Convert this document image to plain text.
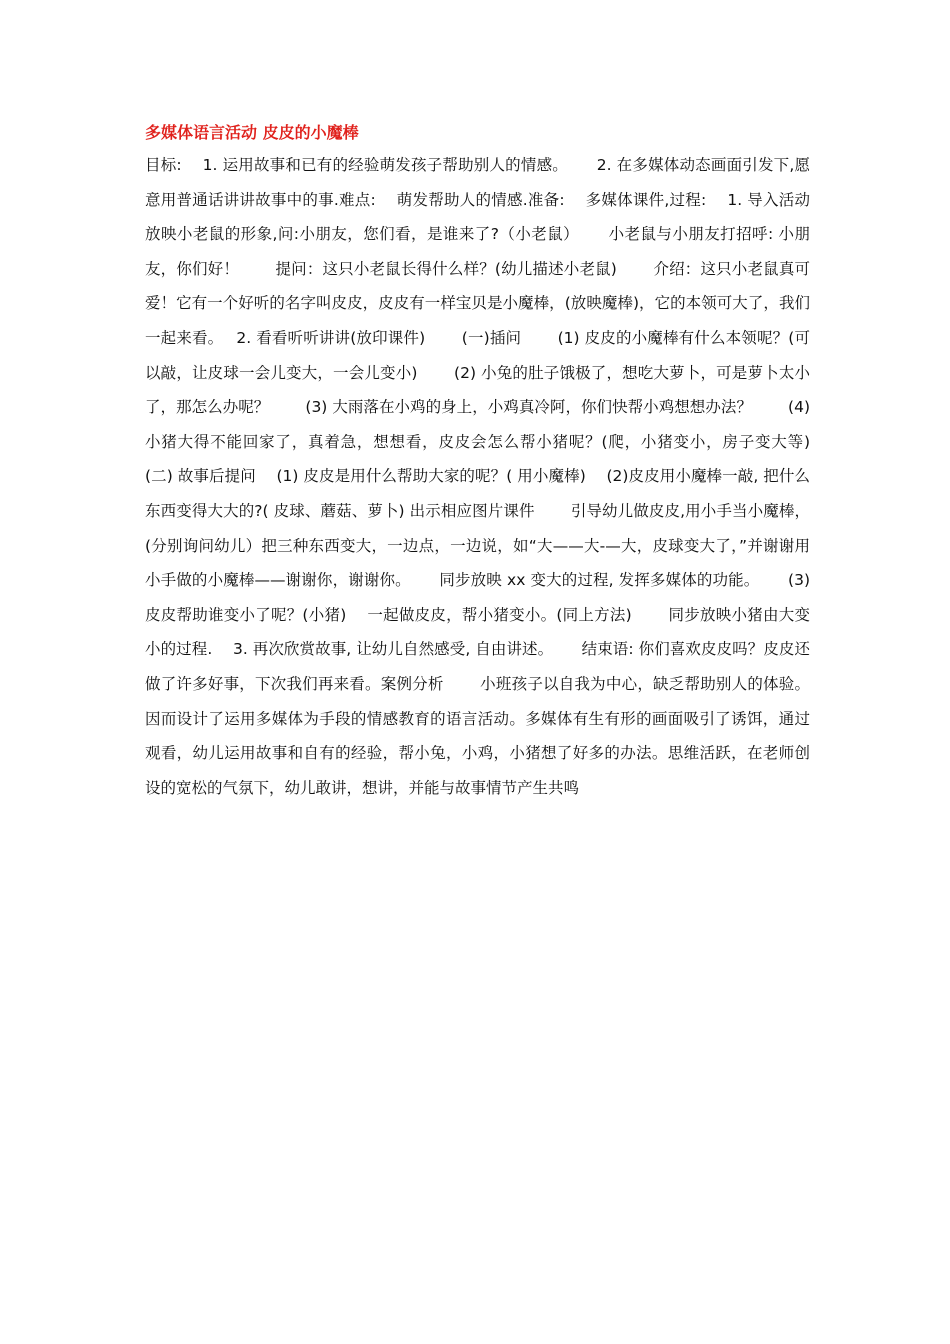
多媒体语言活动 皮皮的小魔棒

目标:　 1. 运用故事和已有的经验萌发孩子帮助别人的情感。　　 2. 在多媒体动态画面引发下,愿意用普通话讲讲故事中的事.难点:　 萌发帮助人的情感.准备:　 多媒体课件,过程:　 1. 导入活动　　 放映小老鼠的形象,问:小朋友，您们看，是谁来了?（小老鼠）　　 小老鼠与小朋友打招呼: 小朋友，你们好！　　 提问：这只小老鼠长得什么样？(幼儿描述小老鼠)　　 介绍：这只小老鼠真可爱！它有一个好听的名字叫皮皮，皮皮有一样宝贝是小魔棒，(放映魔棒)，它的本领可大了，我们一起来看。　 2. 看看听听讲讲(放印课件)　　 (一)插问　　 (1) 皮皮的小魔棒有什么本领呢？(可以敲，让皮球一会儿变大，一会儿变小)　　 (2) 小兔的肚子饿极了，想吃大萝卜，可是萝卜太小了，那怎么办呢？　　 (3) 大雨落在小鸡的身上，小鸡真冷阿，你们快帮小鸡想想办法？　　 (4) 小猪大得不能回家了，真着急，想想看，皮皮会怎么帮小猪呢？(爬，小猪变小，房子变大等)　　 (二) 故事后提问　 (1) 皮皮是用什么帮助大家的呢？( 用小魔棒)　 (2)皮皮用小魔棒一敲, 把什么东西变得大大的?( 皮球、蘑菇、萝卜) 出示相应图片课件　　 引导幼儿做皮皮,用小手当小魔棒，(分别询问幼儿）把三种东西变大，一边点，一边说，如“大——大-—大，皮球变大了，”并谢谢用小手做的小魔棒——谢谢你，谢谢你。　　 同步放映 xx 变大的过程, 发挥多媒体的功能。　　 (3) 皮皮帮助谁变小了呢？(小猪)　 一起做皮皮，帮小猪变小。(同上方法)　　 同步放映小猪由大变小的过程.　 3. 再次欣赏故事, 让幼儿自然感受, 自由讲述。　　 结束语: 你们喜欢皮皮吗？皮皮还做了许多好事，下次我们再来看。案例分析　　 小班孩子以自我为中心，缺乏帮助别人的体验。因而设计了运用多媒体为手段的情感教育的语言活动。多媒体有生有形的画面吸引了诱饵，通过观看，幼儿运用故事和自有的经验，帮小兔，小鸡，小猪想了好多的办法。思维活跃，在老师创设的宽松的气氛下，幼儿敢讲，想讲，并能与故事情节产生共鸣
